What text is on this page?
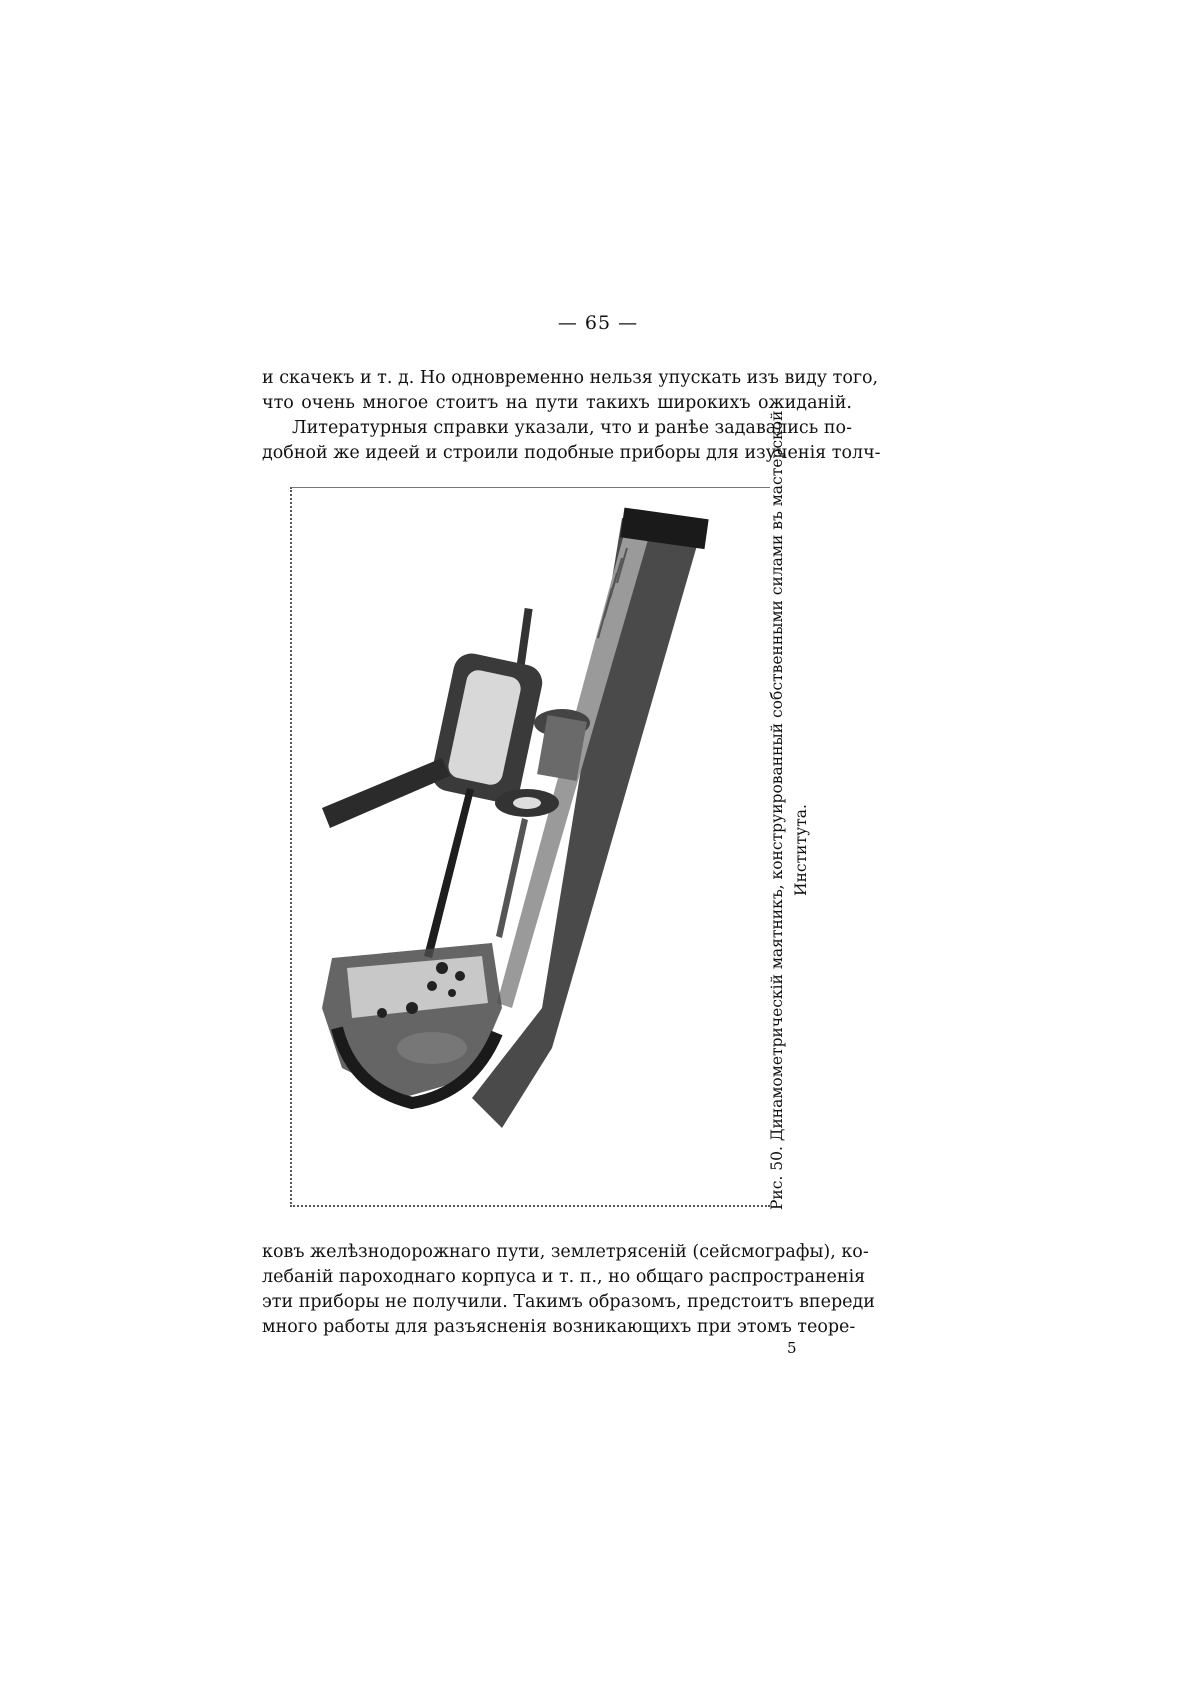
— 65 —
и скачекъ и т. д. Но одновременно нельзя упускать изъ виду того,
что очень многое стоитъ на пути такихъ широкихъ ожиданій.
Литературныя справки указали, что и ранѣе задавались по-
добной же идеей и строили подобные приборы для изученія толч-
Рис. 50. Динамометрическій маятникъ, конструированный собственными силами въ мастерской Института.
ковъ желѣзнодорожнаго пути, землетрясеній (сейсмографы), ко-
лебаній пароходнаго корпуса и т. п., но общаго распространенія
эти приборы не получили. Такимъ образомъ, предстоитъ впереди
много работы для разъясненія возникающихъ при этомъ теоре-
5
